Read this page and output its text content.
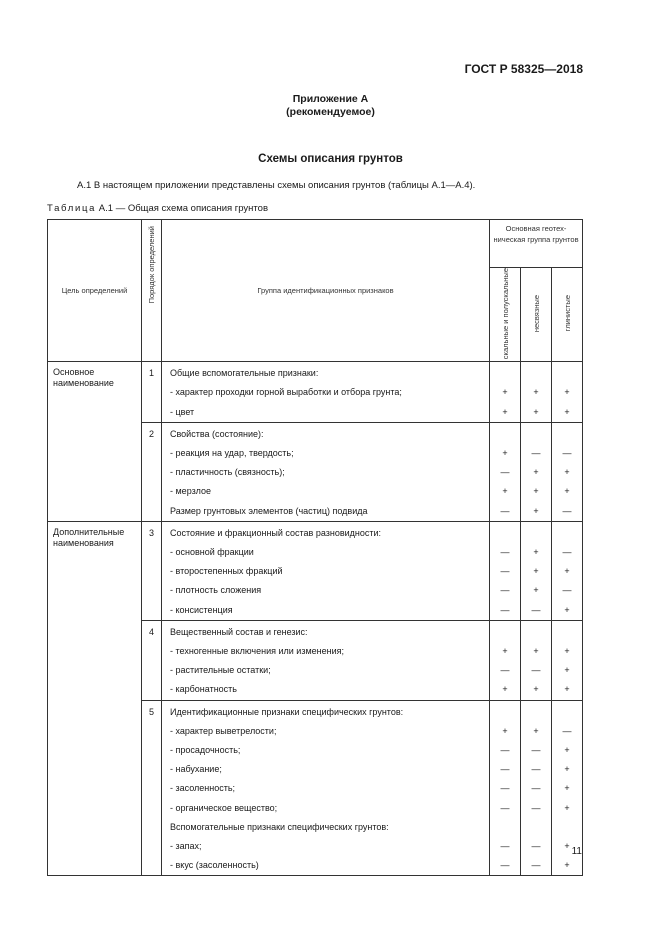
ГОСТ Р 58325—2018
Приложение А
(рекомендуемое)
Схемы описания грунтов
А.1 В настоящем приложении представлены схемы описания грунтов (таблицы А.1—А.4).
Таблица А.1 — Общая схема описания грунтов
Цель определений	Порядок определений	Группа идентификационных признаков	Основная геотехническая группа грунтов		
			скальные и полускальные	несвязные	глинистые
Основное наименование	1	Общие вспомогательные признаки:			
		- характер проходки горной выработки и отбора грунта;	+	+	+
		- цвет	+	+	+
	2	Свойства (состояние):			
		- реакция на удар, твердость;	+	—	—
		- пластичность (связность);	—	+	+
		- мерзлое	+	+	+
		Размер грунтовых элементов (частиц) подвида	—	+	—
Дополнительные наименования	3	Состояние и фракционный состав разновидности:			
		- основной фракции	—	+	—
		- второстепенных фракций	—	+	+
		- плотность сложения	—	+	—
		- консистенция	—	—	+
	4	Вещественный состав и генезис:			
		- техногенные включения или изменения;	+	+	+
		- растительные остатки;	—	—	+
		- карбонатность	+	+	+
	5	Идентификационные признаки специфических грунтов:			
		- характер выветрелости;	+	+	—
		- просадочность;	—	—	+
		- набухание;	—	—	+
		- засоленность;	—	—	+
		- органическое вещество;	—	—	+
		Вспомогательные признаки специфических грунтов:			
		- запах;	—	—	+
		- вкус (засоленность)	—	—	+
11
